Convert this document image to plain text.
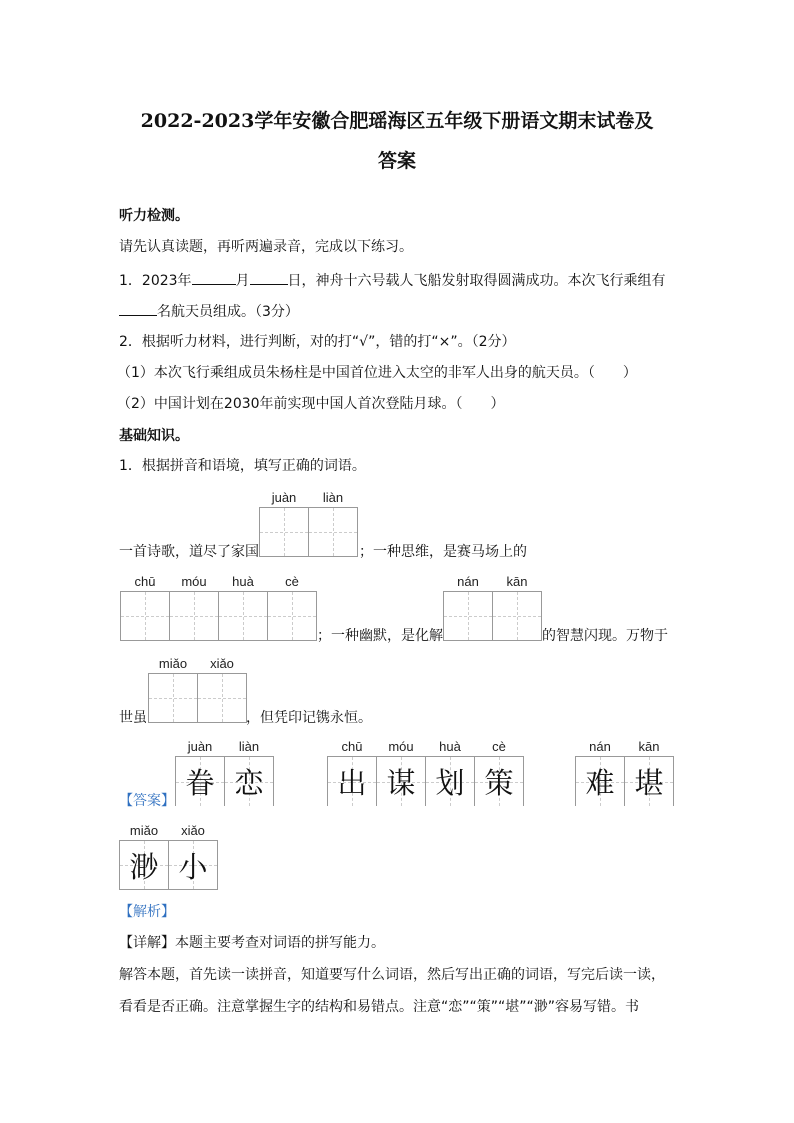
2022-2023学年安徽合肥瑶海区五年级下册语文期末试卷及
答案
听力检测。
请先认真读题，再听两遍录音，完成以下练习。
1．2023年	月	日，神舟十六号载人飞船发射取得圆满成功。本次飞行乘组有
名航天员组成。（3分）
2．根据听力材料，进行判断，对的打“√”，错的打“×”。（2分）
（1）本次飞行乘组成员朱杨柱是中国首位进入太空的非军人出身的航天员。（　　）
（2）中国计划在2030年前实现中国人首次登陆月球。（　　）
基础知识。
1．根据拼音和语境，填写正确的词语。
一首诗歌，道尽了家国
juàn	liàn
；一种思维，是赛马场上的
chū	móu	huà	cè
；一种幽默，是化解
nán	kān
的智慧闪现。万物于
世虽
miǎo	xiǎo
，但凭印记镌永恒。
【答案】
juàn
眷
liàn
恋
chū
出
móu
谋
huà
划
cè
策
nán
难
kān
堪
miǎo
渺
xiǎo
小
【解析】
【详解】本题主要考查对词语的拼写能力。
解答本题，首先读一读拼音，知道要写什么词语，然后写出正确的词语，写完后读一读，
看看是否正确。注意掌握生字的结构和易错点。注意“恋”“策”“堪”“渺”容易写错。书
